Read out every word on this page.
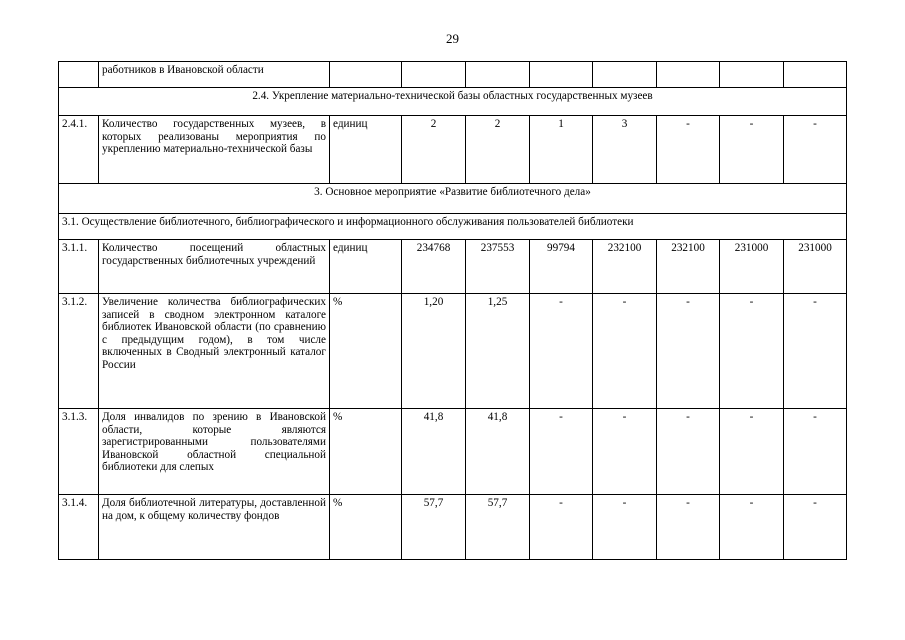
29
	работников в Ивановской области								
2.4. Укрепление материально-технической базы областных государственных музеев									
2.4.1.	Количество государственных музеев, в которых реализованы мероприятия по укреплению материально-технической базы	единиц	2	2	1	3	-	-	-
3. Основное мероприятие «Развитие библиотечного дела»									
3.1. Осуществление библиотечного, библиографического и информационного обслуживания пользователей библиотеки									
3.1.1.	Количество посещений областных государственных библиотечных учреждений	единиц	234768	237553	99794	232100	232100	231000	231000
3.1.2.	Увеличение количества библиографических записей в сводном электронном каталоге библиотек Ивановской области (по сравнению с предыдущим годом), в том числе включенных в Сводный электронный каталог России	%	1,20	1,25	-	-	-	-	-
3.1.3.	Доля инвалидов по зрению в Ивановской области, которые являются зарегистрированными пользователями Ивановской областной специальной библиотеки для слепых	%	41,8	41,8	-	-	-	-	-
3.1.4.	Доля библиотечной литературы, доставленной на дом, к общему количеству фондов	%	57,7	57,7	-	-	-	-	-
